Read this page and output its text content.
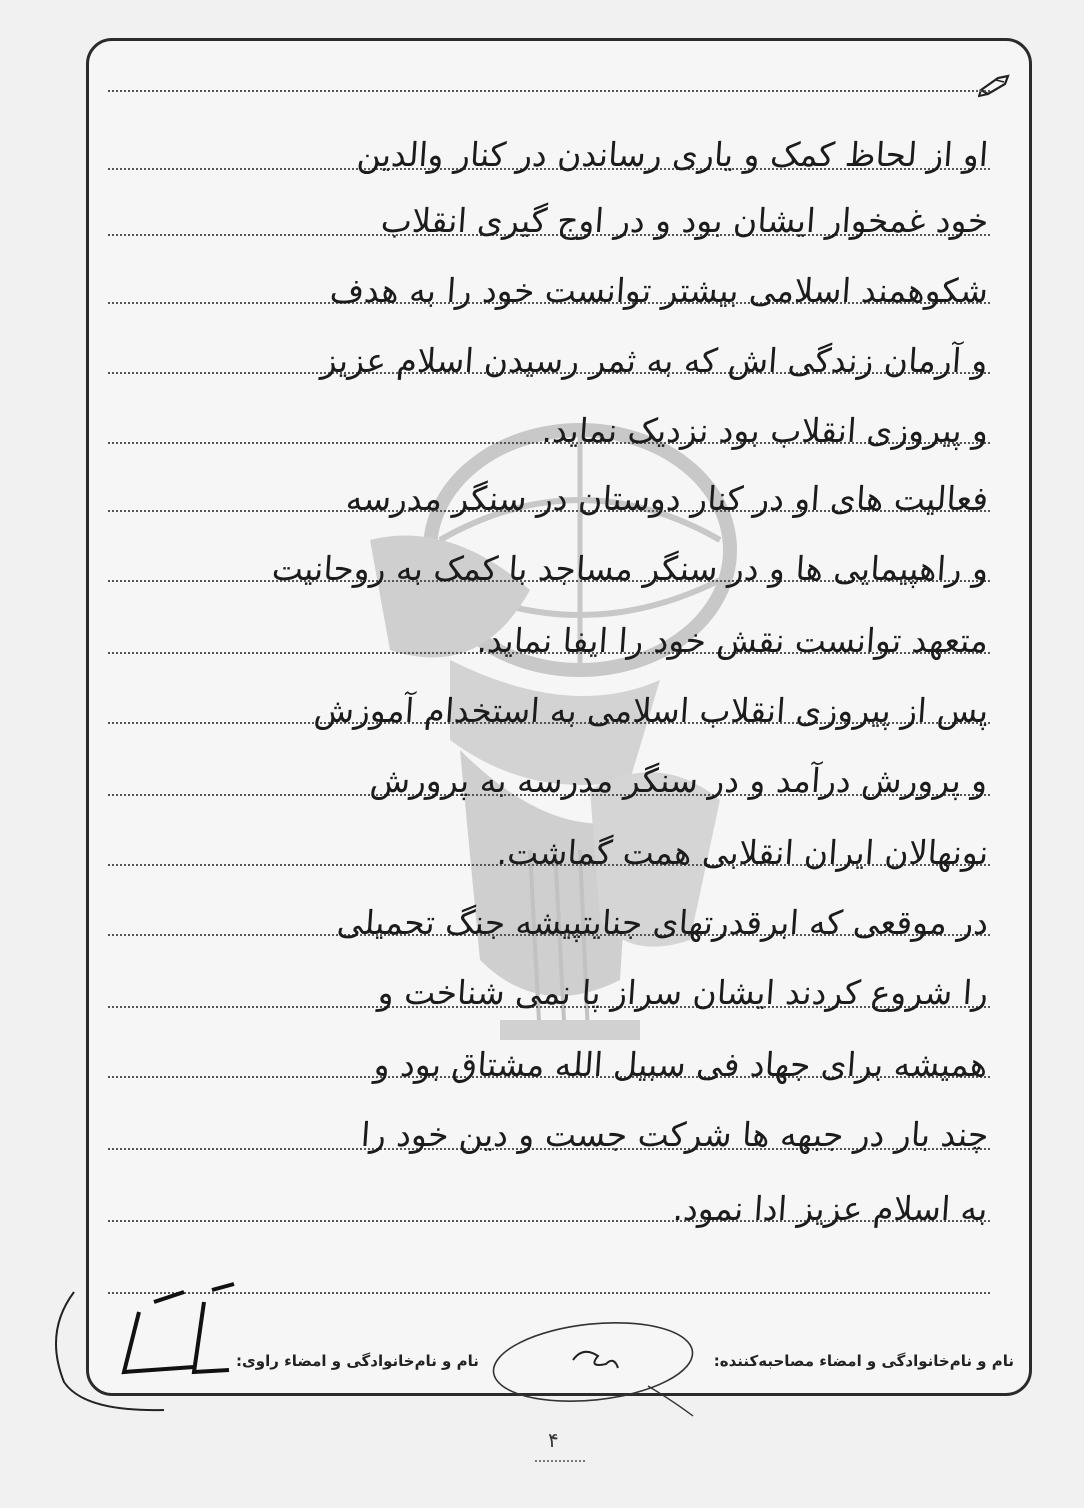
او از لحاظ کمک و یاری رساندن در کنار والدین
خود غمخوار ایشان بود و در اوج گیری انقلاب
شکوهمند اسلامی بیشتر توانست خود را به هدف
و آرمان زندگی اش که به ثمر رسیدن اسلام عزیز
و پیروزی انقلاب بود نزدیک نماید.
فعالیت های او در کنار دوستان در سنگر مدرسه
و راهپیمایی ها و در سنگر مساجد با کمک به روحانیت
متعهد توانست نقش خود را ایفا نماید.
پس از پیروزی انقلاب اسلامی به استخدام آموزش
و پرورش درآمد و در سنگر مدرسه به پرورش
نونهالان ایران انقلابی همت گماشت.
در موقعی که ابرقدرتهای جنایتپیشه جنگ تحمیلی
را شروع کردند ایشان سراز پا نمی شناخت و
همیشه برای جهاد فی سبیل الله مشتاق بود و
چند بار در جبهه ها شرکت جست و دین خود را
به اسلام عزیز ادا نمود.
نام و نام‌خانوادگی و امضاء مصاحبه‌کننده:
نام و نام‌خانوادگی و امضاء راوی:
۴
